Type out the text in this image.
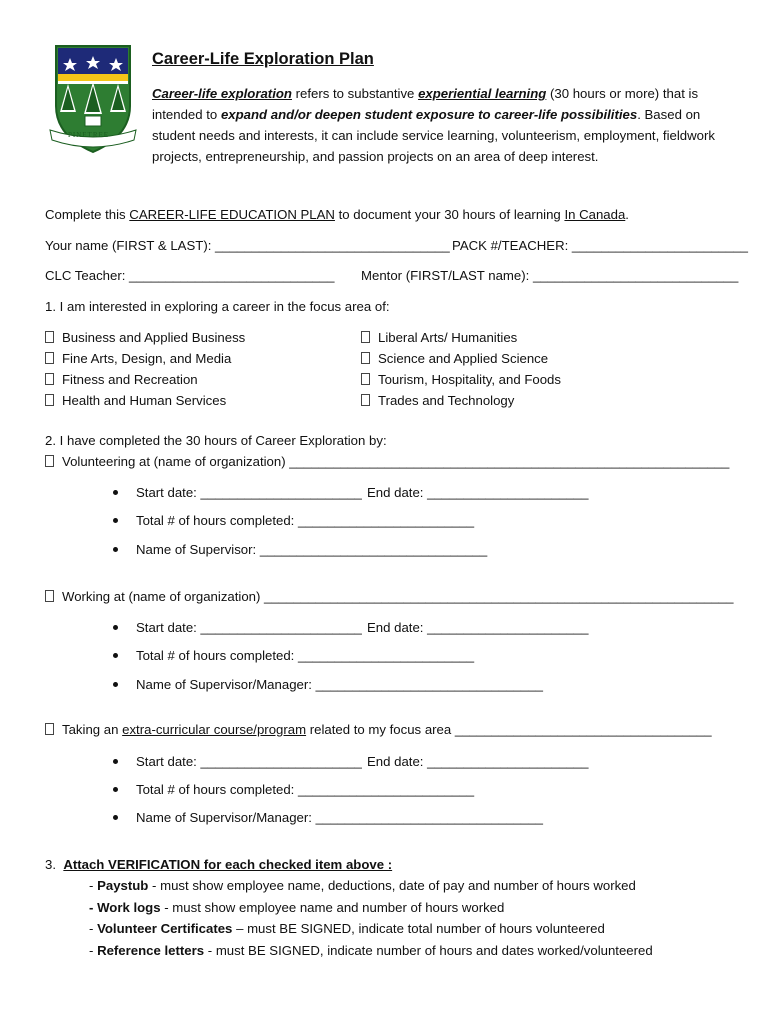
PINETREE
Career-Life Exploration Plan
Career-life exploration refers to substantive experiential learning (30 hours or more) that is intended to expand and/or deepen student exposure to career-life possibilities. Based on student needs and interests, it can include service learning, volunteerism, employment, fieldwork projects, entrepreneurship, and passion projects on an area of deep interest.
Complete this CAREER-LIFE EDUCATION PLAN to document your 30 hours of learning In Canada.
Your name (FIRST & LAST): ________________________________ PACK #/TEACHER: ________________________
CLC Teacher: ____________________________ Mentor (FIRST/LAST name): ____________________________
1. I am interested in exploring a career in the focus area of:
Business and Applied Business
Fine Arts, Design, and Media
Fitness and Recreation
Health and Human Services
Liberal Arts/ Humanities
Science and Applied Science
Tourism, Hospitality, and Foods
Trades and Technology
2. I have completed the 30 hours of Career Exploration by:
Volunteering at (name of organization) ____________________________________________________________
Start date: ______________________ End date: ______________________
Total # of hours completed: ________________________
Name of Supervisor: _______________________________
Working at (name of organization) ________________________________________________________________
Start date: ______________________ End date: ______________________
Total # of hours completed: ________________________
Name of Supervisor/Manager: _______________________________
Taking an extra-curricular course/program related to my focus area ___________________________________
Start date: ______________________ End date: ______________________
Total # of hours completed: ________________________
Name of Supervisor/Manager: _______________________________
3. Attach VERIFICATION for each checked item above :
- Paystub - must show employee name, deductions, date of pay and number of hours worked
- Work logs - must show employee name and number of hours worked
- Volunteer Certificates – must BE SIGNED, indicate total number of hours volunteered
- Reference letters - must BE SIGNED, indicate number of hours and dates worked/volunteered
